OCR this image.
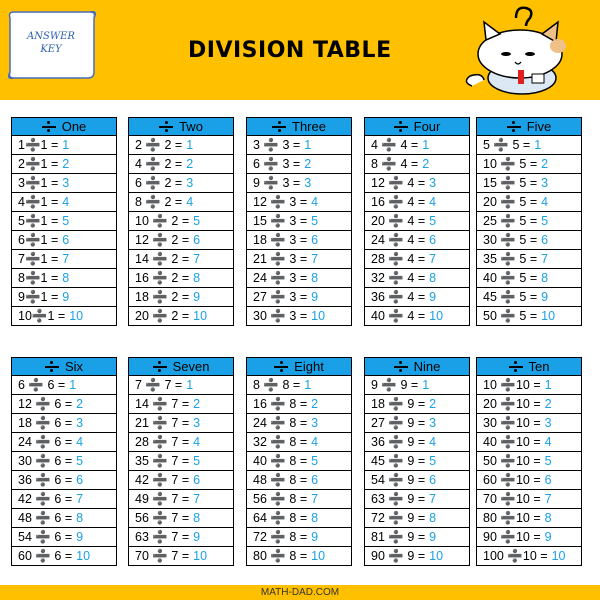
ANSWER
KEY	DIVISION TABLE
One
1➗1 = 1
2➗1 = 2
3➗1 = 3
4➗1 = 4
5➗1 = 5
6➗1 = 6
7➗1 = 7
8➗1 = 8
9➗1 = 9
10➗1 = 10
Two
2 ➗ 2 = 1
4 ➗ 2 = 2
6 ➗ 2 = 3
8 ➗ 2 = 4
10 ➗ 2 = 5
12 ➗ 2 = 6
14 ➗ 2 = 7
16 ➗ 2 = 8
18 ➗ 2 = 9
20 ➗ 2 = 10
Three
3 ➗ 3 = 1
6 ➗ 3 = 2
9 ➗ 3 = 3
12 ➗ 3 = 4
15 ➗ 3 = 5
18 ➗ 3 = 6
21 ➗ 3 = 7
24 ➗ 3 = 8
27 ➗ 3 = 9
30 ➗ 3 = 10
Four
4 ➗ 4 = 1
8 ➗ 4 = 2
12 ➗ 4 = 3
16 ➗ 4 = 4
20 ➗ 4 = 5
24 ➗ 4 = 6
28 ➗ 4 = 7
32 ➗ 4 = 8
36 ➗ 4 = 9
40 ➗ 4 = 10
Five
5 ➗ 5 = 1
10 ➗ 5 = 2
15 ➗ 5 = 3
20 ➗ 5 = 4
25 ➗ 5 = 5
30 ➗ 5 = 6
35 ➗ 5 = 7
40 ➗ 5 = 8
45 ➗ 5 = 9
50 ➗ 5 = 10
Six
6 ➗ 6 = 1
12 ➗ 6 = 2
18 ➗ 6 = 3
24 ➗ 6 = 4
30 ➗ 6 = 5
36 ➗ 6 = 6
42 ➗ 6 = 7
48 ➗ 6 = 8
54 ➗ 6 = 9
60 ➗ 6 = 10
Seven
7 ➗ 7 = 1
14 ➗ 7 = 2
21 ➗ 7 = 3
28 ➗ 7 = 4
35 ➗ 7 = 5
42 ➗ 7 = 6
49 ➗ 7 = 7
56 ➗ 7 = 8
63 ➗ 7 = 9
70 ➗ 7 = 10
Eight
8 ➗ 8 = 1
16 ➗ 8 = 2
24 ➗ 8 = 3
32 ➗ 8 = 4
40 ➗ 8 = 5
48 ➗ 8 = 6
56 ➗ 8 = 7
64 ➗ 8 = 8
72 ➗ 8 = 9
80 ➗ 8 = 10
Nine
9 ➗ 9 = 1
18 ➗ 9 = 2
27 ➗ 9 = 3
36 ➗ 9 = 4
45 ➗ 9 = 5
54 ➗ 9 = 6
63 ➗ 9 = 7
72 ➗ 9 = 8
81 ➗ 9 = 9
90 ➗ 9 = 10
Ten
10 ➗10 = 1
20 ➗10 = 2
30 ➗10 = 3
40 ➗10 = 4
50 ➗10 = 5
60 ➗10 = 6
70 ➗10 = 7
80 ➗10 = 8
90 ➗10 = 9
100 ➗10 = 10
MATH-DAD.COM
